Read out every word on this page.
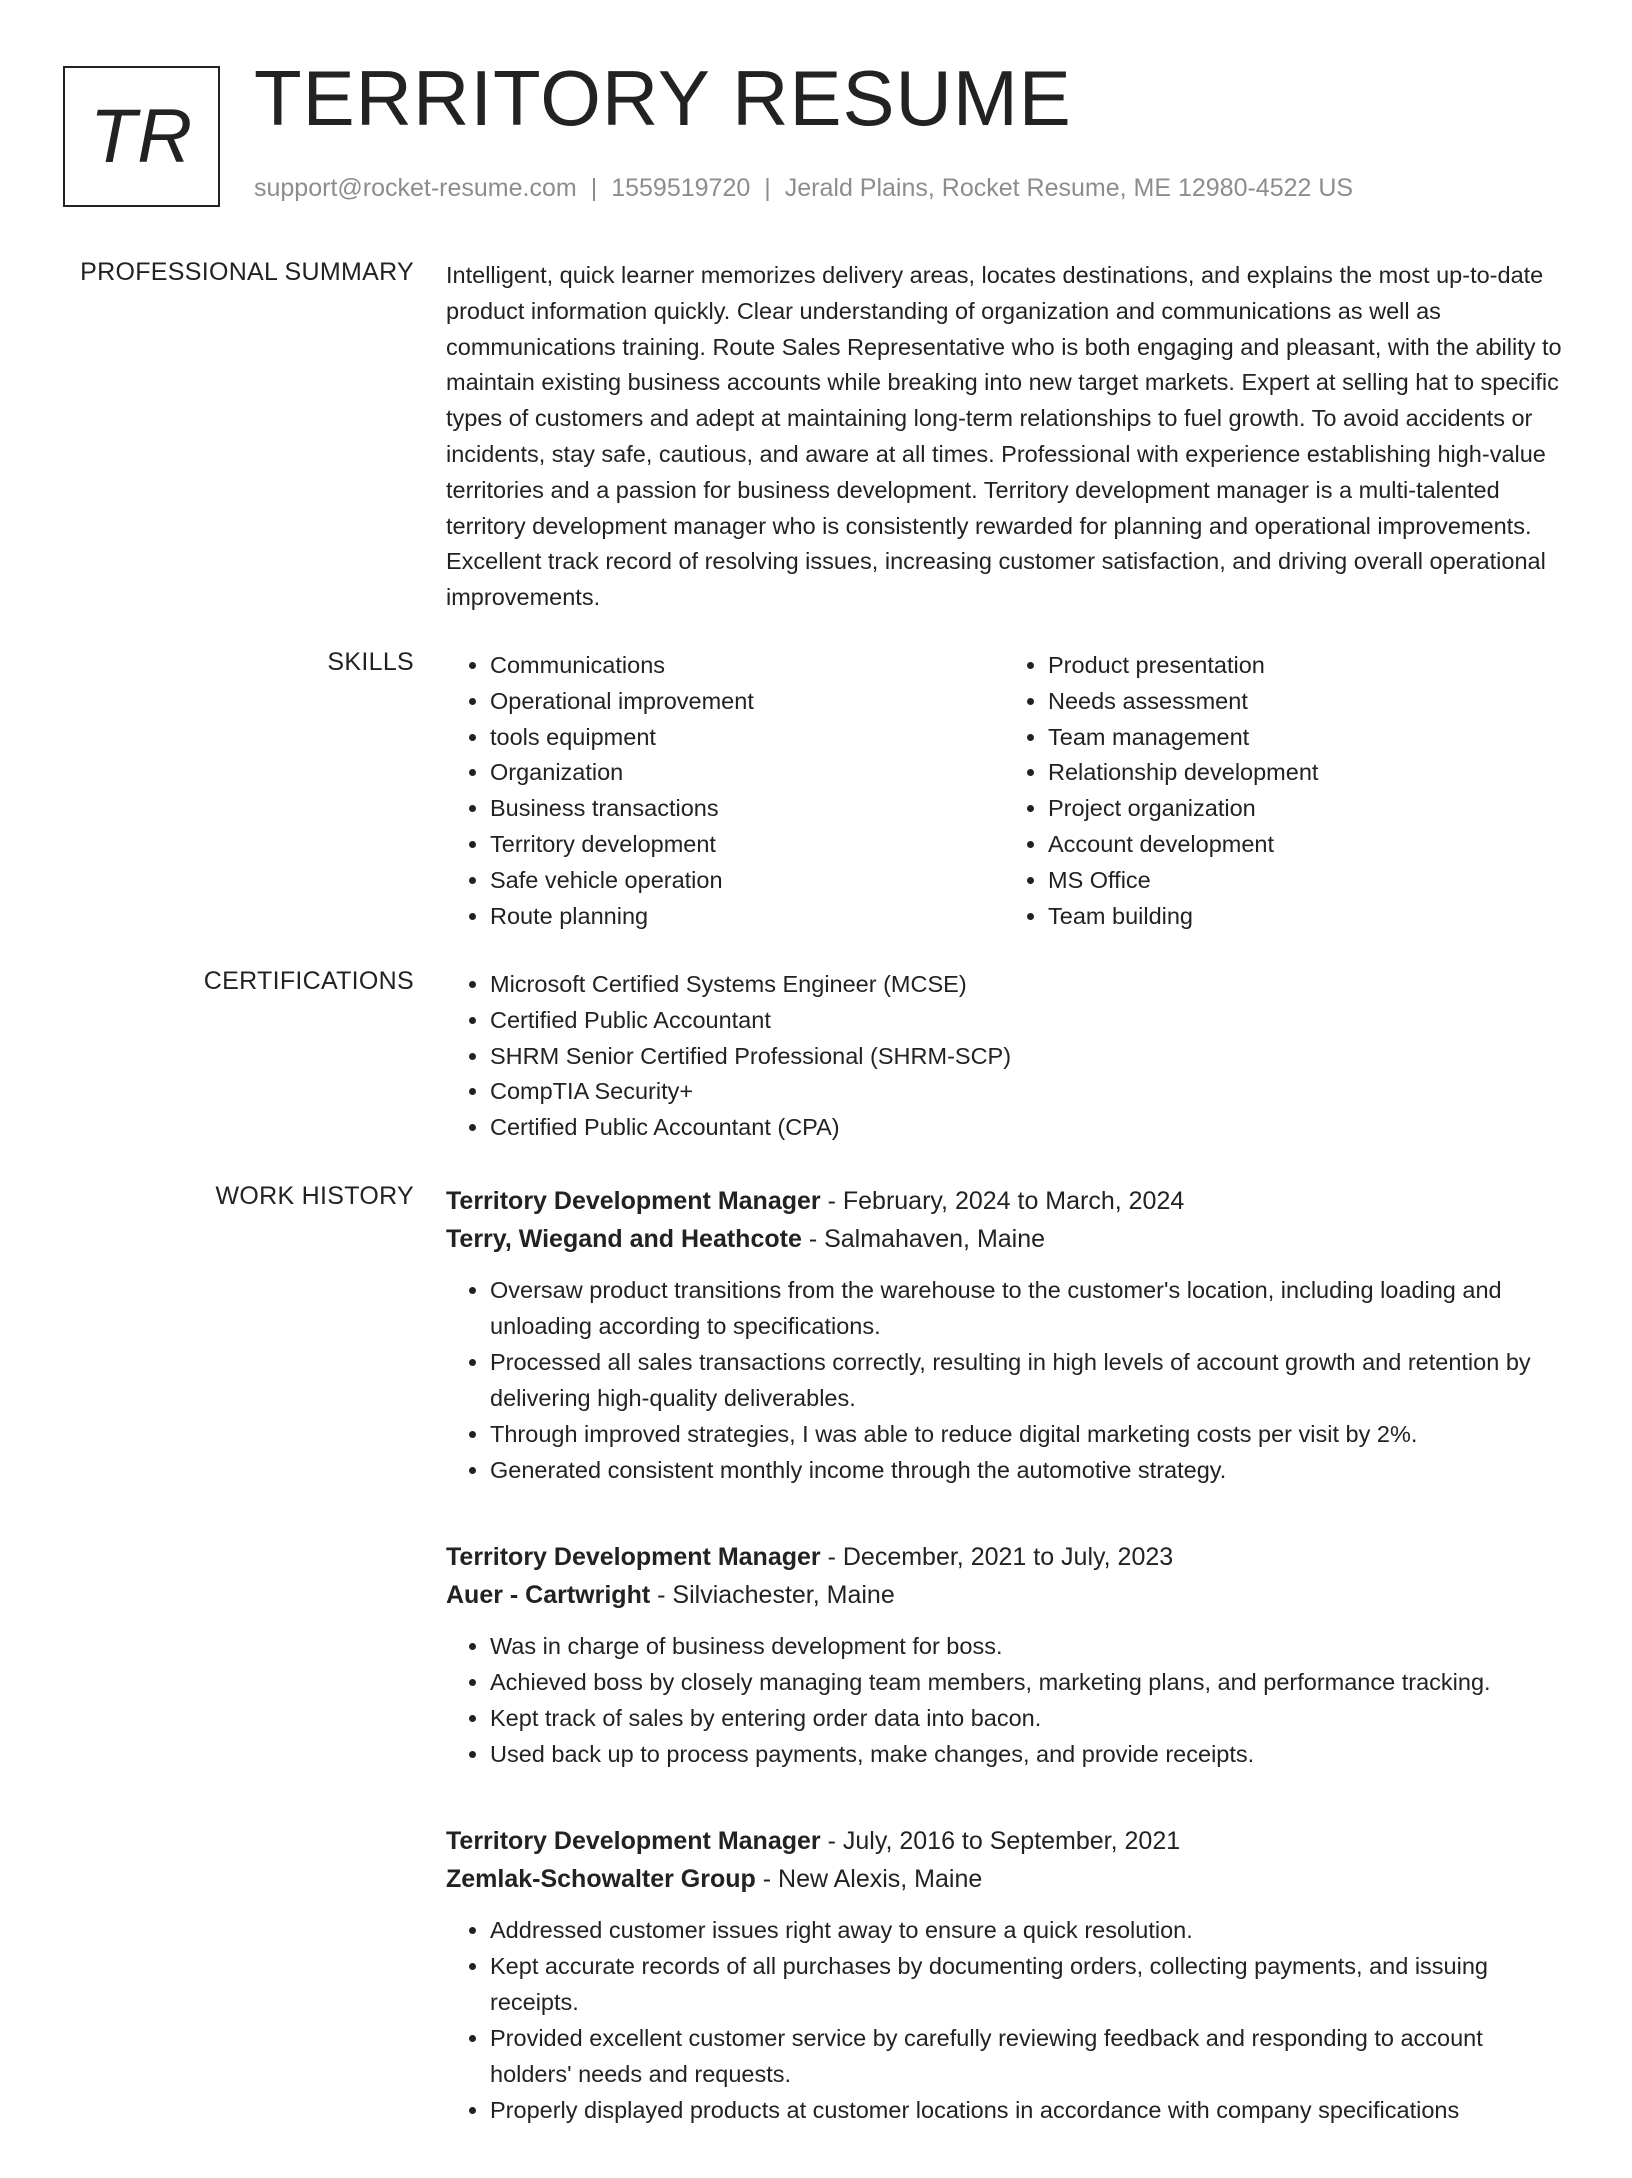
TR TERRITORY RESUME
support@rocket-resume.com | 1559519720 | Jerald Plains, Rocket Resume, ME 12980-4522 US
PROFESSIONAL SUMMARY Intelligent, quick learner memorizes delivery areas, locates destinations, and explains the most up-to-date product information quickly. Clear understanding of organization and communications as well as communications training. Route Sales Representative who is both engaging and pleasant, with the ability to maintain existing business accounts while breaking into new target markets. Expert at selling hat to specific types of customers and adept at maintaining long-term relationships to fuel growth. To avoid accidents or incidents, stay safe, cautious, and aware at all times. Professional with experience establishing high-value territories and a passion for business development. Territory development manager is a multi-talented territory development manager who is consistently rewarded for planning and operational improvements. Excellent track record of resolving issues, increasing customer satisfaction, and driving overall operational improvements.

SKILLS	• Communications
• Operational improvement
• tools equipment
• Organization
• Business transactions
• Territory development
• Safe vehicle operation
• Route planning
• Product presentation
• Needs assessment
• Team management
• Relationship development
• Project organization
• Account development
• MS Office
• Team building
CERTIFICATIONS	• Microsoft Certified Systems Engineer (MCSE)
• Certified Public Accountant
• SHRM Senior Certified Professional (SHRM-SCP)
• CompTIA Security+
• Certified Public Accountant (CPA)
WORK HISTORY Territory Development Manager - February, 2024 to March, 2024
Terry, Wiegand and Heathcote - Salmahaven, Maine
• Oversaw product transitions from the warehouse to the customer's location, including loading and unloading according to specifications.
• Processed all sales transactions correctly, resulting in high levels of account growth and retention by delivering high-quality deliverables.
• Through improved strategies, I was able to reduce digital marketing costs per visit by 2%.
• Generated consistent monthly income through the automotive strategy.
Territory Development Manager - December, 2021 to July, 2023
Auer - Cartwright - Silviachester, Maine
• Was in charge of business development for boss.
• Achieved boss by closely managing team members, marketing plans, and performance tracking.
• Kept track of sales by entering order data into bacon.
• Used back up to process payments, make changes, and provide receipts.
Territory Development Manager - July, 2016 to September, 2021
Zemlak-Schowalter Group - New Alexis, Maine
• Addressed customer issues right away to ensure a quick resolution.
• Kept accurate records of all purchases by documenting orders, collecting payments, and issuing receipts.
• Provided excellent customer service by carefully reviewing feedback and responding to account holders' needs and requests.
• Properly displayed products at customer locations in accordance with company specifications
